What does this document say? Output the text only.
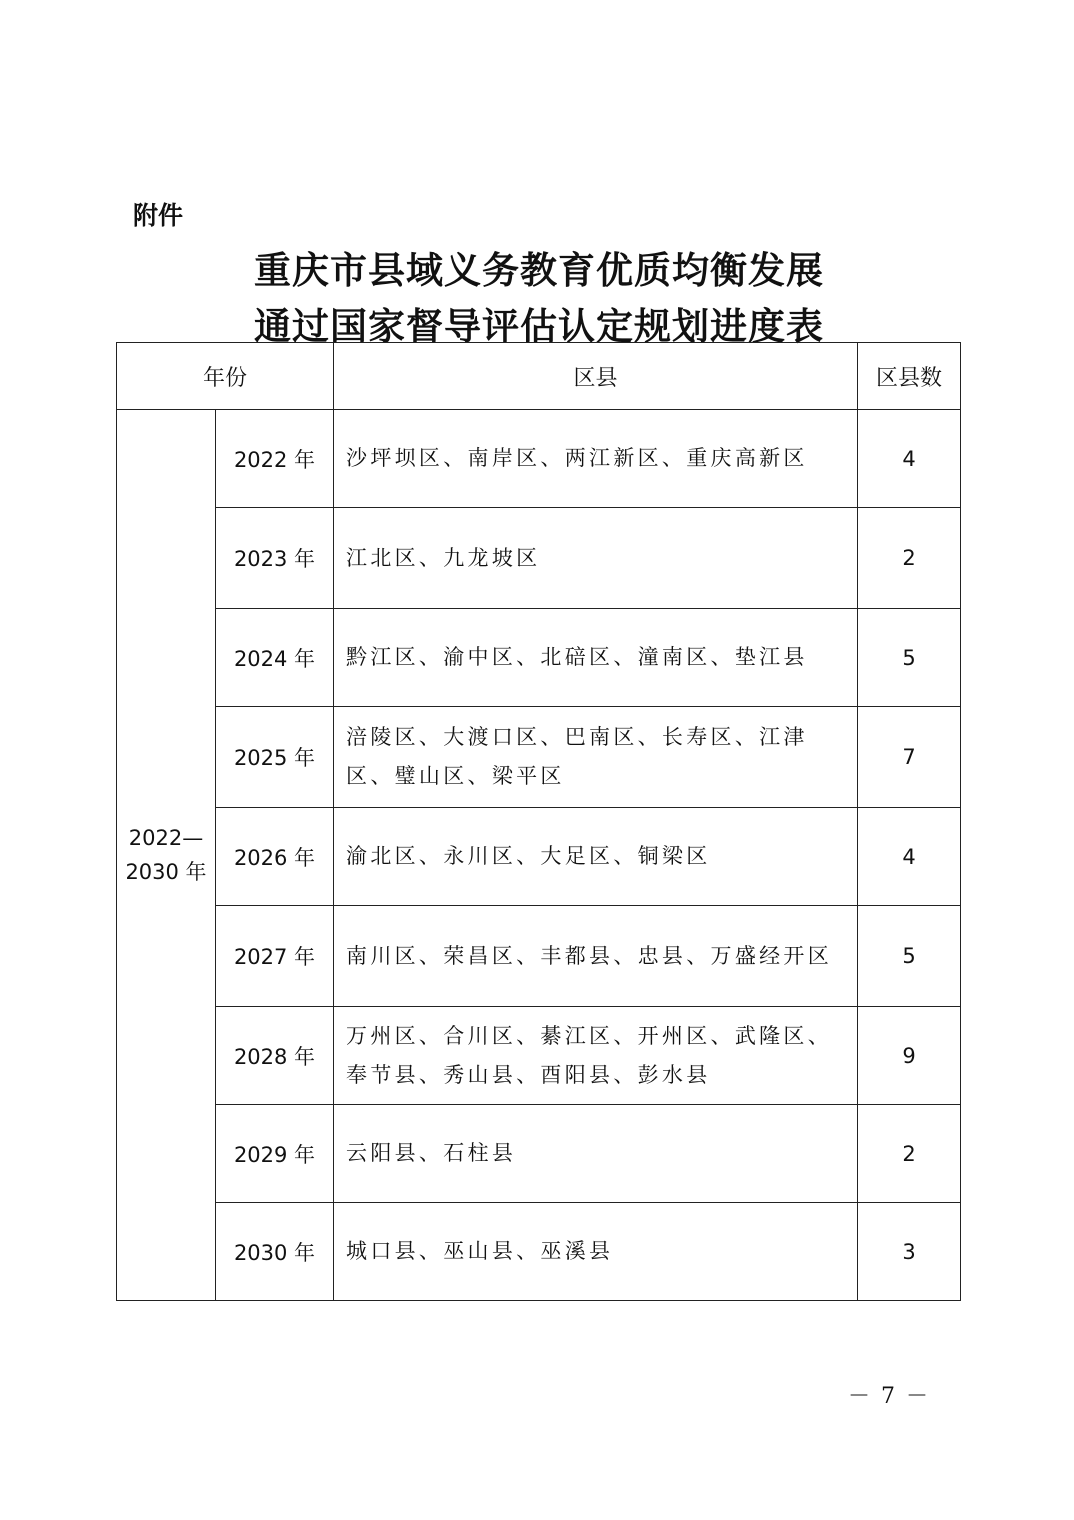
附件
重庆市县域义务教育优质均衡发展
通过国家督导评估认定规划进度表
年份		区县	区县数

2022—
2030 年	2022 年	沙坪坝区、南岸区、两江新区、重庆高新区	4
	2023 年	江北区、九龙坡区	2
	2024 年	黔江区、渝中区、北碚区、潼南区、垫江县	5
	2025 年	涪陵区、大渡口区、巴南区、长寿区、江津区、璧山区、梁平区	7
	2026 年	渝北区、永川区、大足区、铜梁区	4
	2027 年	南川区、荣昌区、丰都县、忠县、万盛经开区	5
	2028 年	万州区、合川区、綦江区、开州区、武隆区、奉节县、秀山县、酉阳县、彭水县	9
	2029 年	云阳县、石柱县	2
	2030 年	城口县、巫山县、巫溪县	3
－ 7 －
